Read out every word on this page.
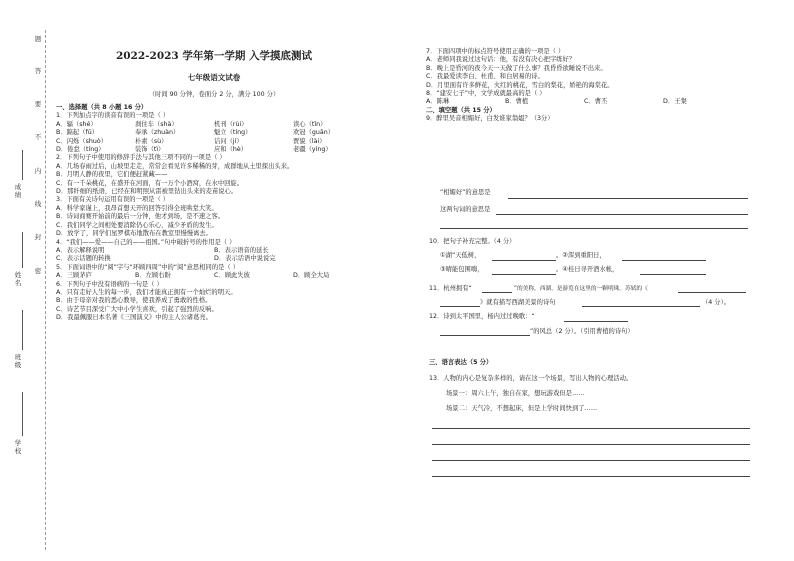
题
答
要
不
内
线
封
密
成绩
姓名
班级
学校
2022-2023 学年第一学期 入学摸底测试
七年级语文试卷
（时间 90 分钟，卷面分 2 分，满分 100 分）

一、选择题（共 8 小题 16 分）

1．下列加点字的读音有误的一项是（ ）

A．辐（shé）	刹住车（shà）	机刊（rùi）	读心（tǐn）
B．踮起（fū）	奉承（zhuàn）	魁立（tíng）	欢冠（guān）
C．闪烁（shuò）	朴素（sù）	诘问（jí）	贾貌（lài）
D．倦怠（tíng）	装饰（tì）	应和（hè）	老疆（yíng）

2．下列句子中使用的修辞手法与其他三项不同的一项是（ ）

A．几场春雨过后，山坡里走走，常常会看见许多稀稀的芽，成群地从土里探出头来。

B．月明人静的夜里，它们便赶紧藏——

C．有一千朵桃花，在盛开在河面，有一万个小酒窝，在水中回旋。

D．那纤细的纸语，已经在和明照从雷被里钻出头来的麦苗说心。

3．下面有关诗句运用有误的一项是（ ）

A．科学家谨上，我昂首想天开的回答引得全班哄堂大笑。

B．诗词商赛开始前的最后一分钟，他才到场，是不速之客。

C．我们同学之间相处要消除仍心乐心，减少矛盾的发生。

D．放学了，同学们星罗棋布地散布在教室里慢慢离去。

4．“我们——爱——自己的——祖国。”句中破折号的作用是（ ）

A．表示解释说明	B．表示语音的延长
C．表示话题的转换	D．表示话语中说说完

5．下面词语中的“阅”字与“环顾四周”中的“阅”意思相同的是（ ）

A．三顾茅庐	B．左顾右盼	C．顾此失彼	D．顾全大局

6．下列句子中没有语病的一句是（ ）

A．只有走好人生的每一步，我们才能真正拥有一个灿烂的明天。

B．由于母亲对我的悉心教导，使我养成了勇敢的性格。

C．诗艺节目深受广大中小学生喜欢，引起了强烈的反响。

D．我最佩服日本名著《三国演义》中的主人公诸葛亮。

7．下面四项中的标点符号使用正确的一项是（ ）

A．老师同我说过这句话：他，有没有决心把字练好？

B．晚上是昏河的夜今天一天做了什么事？我昏昏欲睡说不出来。

C．我最爱读李白、杜甫、和白居易的诗。

D．月里面有许多鲜花，火红的桃花，雪白的梨花，娇艳的海棠花。

8．“建安七子”中，文学成就最高的是（ ）

A．陈琳	B．曹植	C．曹丕	D．王粲

二、填空题（共 15 分）

9．醉里吴音相媚好，白发谁家翁媪？（3分）

“相媚好”的意思是
这两句词的意思是
10．把句子补充完整。（4 分）
①湖“天低树，	。②浑到重阳日，
③晴能包围嗨，	。④桂日寻开酒水帐，
11．杭州拥有“	”的美称，西湖，是游览在这里的一颗明珠。苏轼的《
》就有描写西湖美景的诗句	（4 分）。
12．诗到太平国里，杨内过过晚歌：“
”的风总（2 分）。（引用曹植的诗句）
三、语言表达（5 分）
13．人物的内心是复杂多样的，请在这一个场景，写出人物的心理活动。
场景一：周六上午，独自在家，想玩游戏但是……
场景二：天气冷，不想起床，但是上学时间快到了……
